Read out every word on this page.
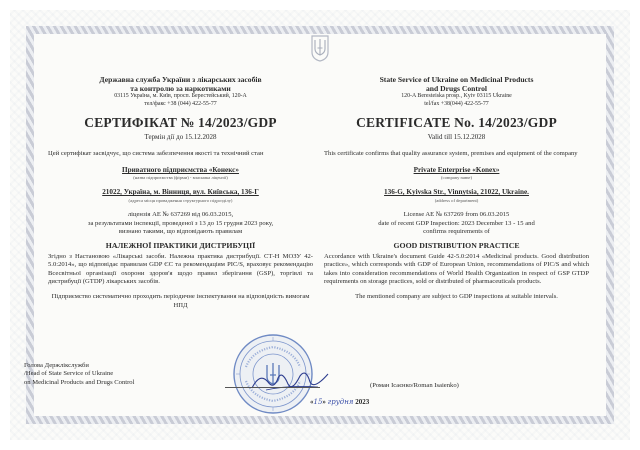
Державна служба України з лікарських засобів
та контролю за наркотиками
03115 Україна, м. Київ, просп. Берестейський, 120-А
тел/факс +38 (044) 422-55-77
СЕРТИФІКАТ № 14/2023/GDP
Термін дії до 15.12.2028
Цей сертифікат засвідчує, що система забезпечення якості та технічний стан
Приватного підприємства «Конекс»
(назва підприємства (фірми) - власника ліцензії)
21022, Україна, м. Вінниця, вул. Київська, 136-Г
(адреса місця провадження структурного підрозділу)
ліцензія АЕ № 637269 від 06.03.2015,
за результатами інспекції, проведеної з 13 до 15 грудня 2023 року,
визнано такими, що відповідають правилам
НАЛЕЖНОЇ ПРАКТИКИ ДИСТРИБУЦІЇ
Згідно з Настановою «Лікарські засоби. Належна практика дистрибуції. СТ-Н МОЗУ 42-5.0:2014», що відповідає правилам GDP ЄС та рекомендаціям PIC/S, враховує рекомендацію Всесвітньої організації охорони здоров'я щодо правил зберігання (GSP), торгівлі та дистрибуції (GTDP) лікарських засобів.
Підприємство систематично проходить періодичне інспектування на відповідність вимогам НПД
State Service of Ukraine on Medicinal Products
and Drugs Control
120-A Beresteiska prosp., Kyiv 03115 Ukraine
tel/fax +38(044) 422-55-77
CERTIFICATE No. 14/2023/GDP
Valid till 15.12.2028
This certificate confirms that quality assurance system, premises and equipment of the company
Private Enterprise «Konex»
(company name)
136-G, Kyivska Str., Vinnytsia, 21022, Ukraine.
(address of department)
License AE № 637269 from 06.03.2015
date of recent GDP Inspection: 2023 December 13 - 15 and
confirms requirements of
GOOD DISTRIBUTION PRACTICE
Accordance with Ukraine's document Guide 42-5.0:2014 «Medicinal products. Good distribution practice», which corresponds with GDP of European Union, recommendations of PIC/S and which takes into consideration recommendations of World Health Organization in respect of GSP GTDP requirements on storage practices, sold or distributed of pharmaceuticals products.
The mentioned company are subject to GDP inspections at suitable intervals.
Голова Держлікслужби
/Head of State Service of Ukraine
on Medicinal Products and Drugs Control	(Роман Ісаєнко/Roman Isaienko)
«15» грудня 2023
